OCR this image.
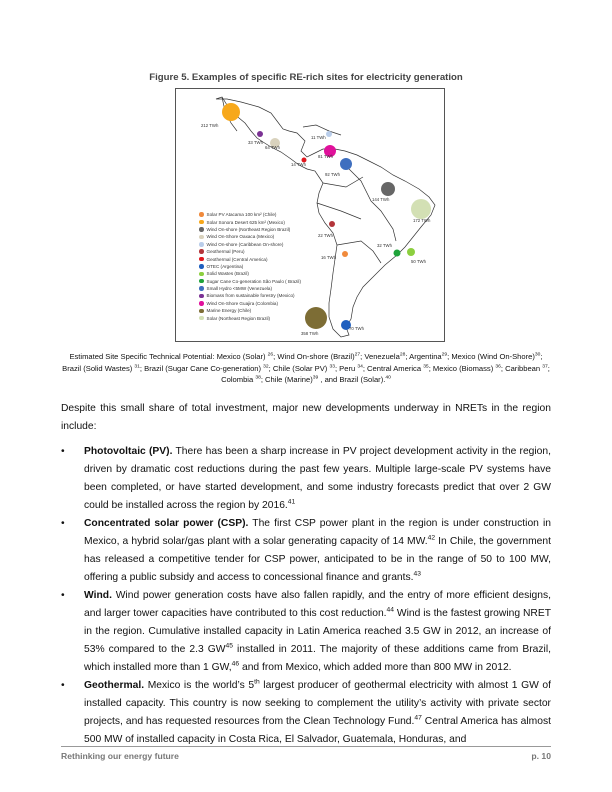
Figure 5. Examples of specific RE-rich sites for electricity generation
212 TWh
33 TWh
64 TWh
11 TWh
81 TWh
14 TWh
92 TWh
144 TWh
172 TWh
22 TWh
32 TWh
16 TWh
50 TWh
358 TWh
70 TWh
Solar PV Atacama 100 km² (Chile)
Solar Sonora Desert 625 km² (Mexico)
Wind On-shore (Northeast Region Brazil)
Wind On-Shore Oaxaca (Mexico)
Wind On-shore (Caribbean On-shore)
Geothermal (Peru)
Geothermal (Central America)
OTEC (Argentina)
Solid Wastes (Brazil)
Sugar Cane Co-generation São Paulo ( Brazil)
Small Hydro <5MW (Venezuela)
Biomass from sustainable forestry (Mexico)
Wind On-Shore Guajira (Colombia)
Marine Energy (Chile)
Solar (Northeast Region Brazil)
Estimated Site Specific Technical Potential: Mexico (Solar) $^{26}$; Wind On-shore (Brazil)$^{27}$; Venezuela$^{28}$; Argentina$^{29}$; Mexico (Wind On-Shore)$^{30}$; Brazil (Solid Wastes) $^{31}$; Brazil (Sugar Cane Co-generation) $^{32}$; Chile (Solar PV) $^{33}$; Peru $^{34}$; Central America $^{35}$; Mexico (Biomass) $^{36}$; Caribbean $^{37}$; Colombia $^{38}$; Chile (Marine)$^{39}$ , and Brazil (Solar).$^{40}$

Despite this small share of total investment, major new developments underway in NRETs in the region include:

• Photovoltaic (PV). There has been a sharp increase in PV project development activity in the region, driven by dramatic cost reductions during the past few years. Multiple large-scale PV systems have been completed, or have started development, and some industry forecasts predict that over 2 GW could be installed across the region by 2016.41

• Concentrated solar power (CSP). The first CSP power plant in the region is under construction in Mexico, a hybrid solar/gas plant with a solar generating capacity of 14 MW.$^{42}$ In Chile, the government has released a competitive tender for CSP power, anticipated to be in the range of 50 to 100 MW, offering a public subsidy and access to concessional finance and grants.$^{43}$

• Wind. Wind power generation costs have also fallen rapidly, and the entry of more efficient designs, and larger tower capacities have contributed to this cost reduction.$^{44}$ Wind is the fastest growing NRET in the region. Cumulative installed capacity in Latin America reached 3.5 GW in 2012, an increase of 53% compared to the 2.3 GW$^{45}$ installed in 2011. The majority of these additions came from Brazil, which installed more than 1 GW,$^{46}$ and from Mexico, which added more than 800 MW in 2012.

• Geothermal. Mexico is the world’s 5th largest producer of geothermal electricity with almost 1 GW of installed capacity. This country is now seeking to complement the utility’s activity with private sector projects, and has requested resources from the Clean Technology Fund.$^{47}$ Central America has almost 500 MW of installed capacity in Costa Rica, El Salvador, Guatemala, Honduras, and

Rethinking our energy future	p. 10
